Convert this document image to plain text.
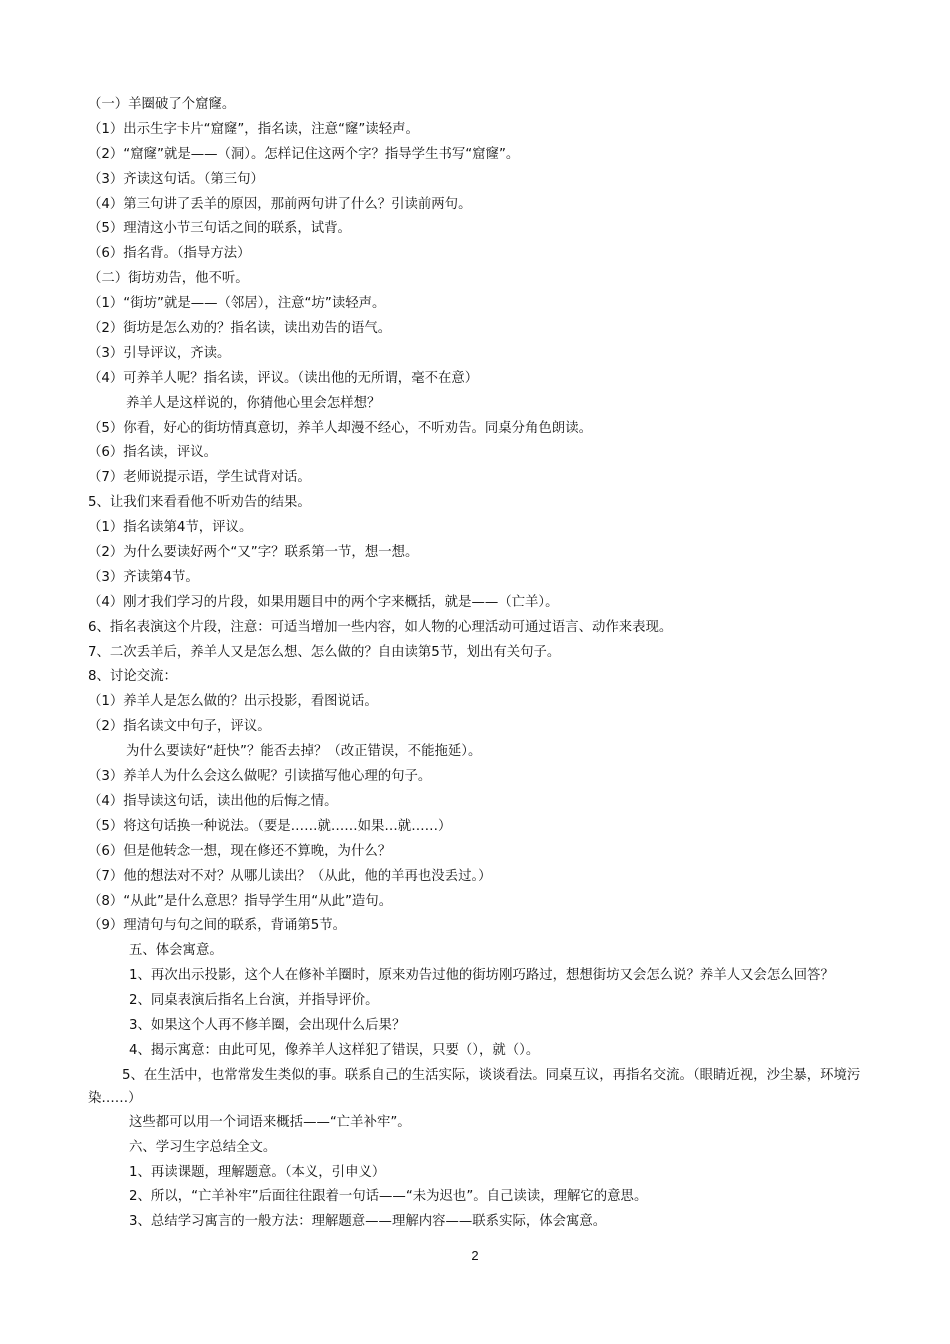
（一）羊圈破了个窟窿。
（1）出示生字卡片“窟窿”，指名读，注意“窿”读轻声。
（2）“窟窿”就是——（洞）。怎样记住这两个字？指导学生书写“窟窿”。
（3）齐读这句话。（第三句）
（4）第三句讲了丢羊的原因，那前两句讲了什么？引读前两句。
（5）理清这小节三句话之间的联系，试背。
（6）指名背。（指导方法）
（二）街坊劝告，他不听。
（1）“街坊”就是——（邻居），注意“坊”读轻声。
（2）街坊是怎么劝的？指名读，读出劝告的语气。
（3）引导评议，齐读。
（4）可养羊人呢？指名读，评议。（读出他的无所谓，毫不在意）
养羊人是这样说的，你猜他心里会怎样想？
（5）你看，好心的街坊情真意切，养羊人却漫不经心，不听劝告。同桌分角色朗读。
（6）指名读，评议。
（7）老师说提示语，学生试背对话。
5、让我们来看看他不听劝告的结果。
（1）指名读第4节，评议。
（2）为什么要读好两个“又”字？联系第一节，想一想。
（3）齐读第4节。
（4）刚才我们学习的片段，如果用题目中的两个字来概括，就是——（亡羊）。
6、指名表演这个片段，注意：可适当增加一些内容，如人物的心理活动可通过语言、动作来表现。
7、二次丢羊后，养羊人又是怎么想、怎么做的？自由读第5节，划出有关句子。
8、讨论交流：
（1）养羊人是怎么做的？出示投影，看图说话。
（2）指名读文中句子，评议。
为什么要读好“赶快”？能否去掉？（改正错误，不能拖延）。
（3）养羊人为什么会这么做呢？引读描写他心理的句子。
（4）指导读这句话，读出他的后悔之情。
（5）将这句话换一种说法。（要是……就……如果…就……）
（6）但是他转念一想，现在修还不算晚，为什么？
（7）他的想法对不对？从哪儿读出？（从此，他的羊再也没丢过。）
（8）“从此”是什么意思？指导学生用“从此”造句。
（9）理清句与句之间的联系，背诵第5节。
五、体会寓意。
1、再次出示投影，这个人在修补羊圈时，原来劝告过他的街坊刚巧路过，想想街坊又会怎么说？养羊人又会怎么回答？
2、同桌表演后指名上台演，并指导评价。
3、如果这个人再不修羊圈，会出现什么后果？
4、揭示寓意：由此可见，像养羊人这样犯了错误，只要（），就（）。
5、在生活中，也常常发生类似的事。联系自己的生活实际，谈谈看法。同桌互议，再指名交流。（眼睛近视，沙尘暴，环境污染……）
这些都可以用一个词语来概括——“亡羊补牢”。
六、学习生字总结全文。
1、再读课题，理解题意。（本义，引申义）
2、所以，“亡羊补牢”后面往往跟着一句话——“未为迟也”。自己读读，理解它的意思。
3、总结学习寓言的一般方法：理解题意——理解内容——联系实际，体会寓意。
2
